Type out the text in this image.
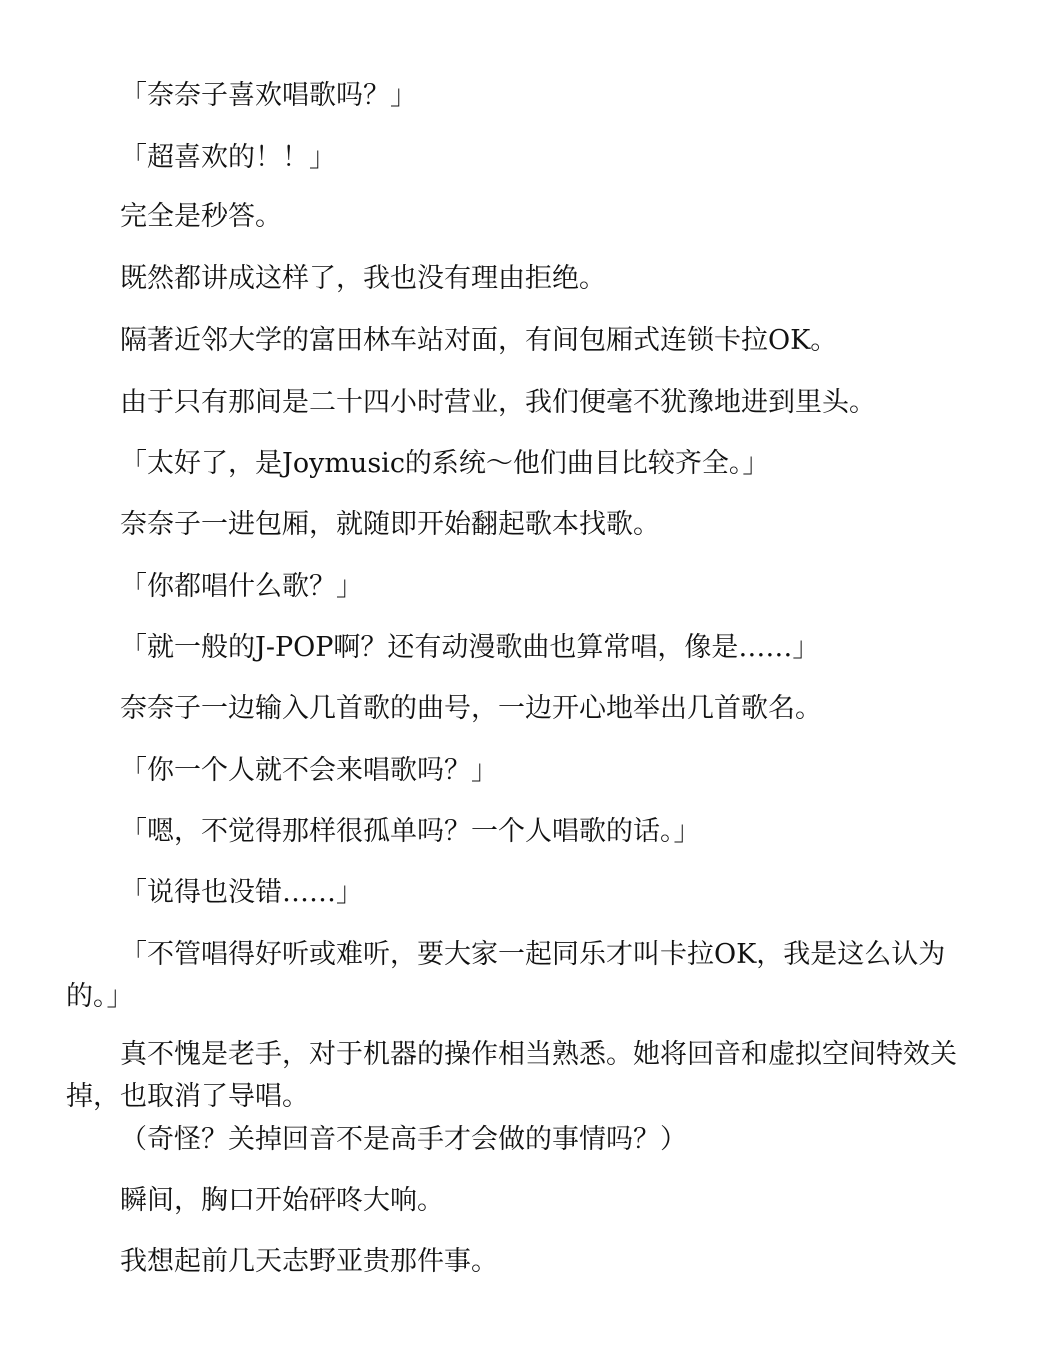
「奈奈子喜欢唱歌吗？」

「超喜欢的！！」

完全是秒答。

既然都讲成这样了，我也没有理由拒绝。

隔著近邻大学的富田林车站对面，有间包厢式连锁卡拉OK。

由于只有那间是二十四小时营业，我们便毫不犹豫地进到里头。

「太好了，是Joymusic的系统～他们曲目比较齐全。」

奈奈子一进包厢，就随即开始翻起歌本找歌。

「你都唱什么歌？」

「就一般的J-POP啊？还有动漫歌曲也算常唱，像是……」

奈奈子一边输入几首歌的曲号，一边开心地举出几首歌名。

「你一个人就不会来唱歌吗？」

「嗯，不觉得那样很孤单吗？一个人唱歌的话。」

「说得也没错……」

「不管唱得好听或难听，要大家一起同乐才叫卡拉OK，我是这么认为的。」

真不愧是老手，对于机器的操作相当熟悉。她将回音和虚拟空间特效关掉，也取消了导唱。

（奇怪？关掉回音不是高手才会做的事情吗？）

瞬间，胸口开始砰咚大响。

我想起前几天志野亚贵那件事。
